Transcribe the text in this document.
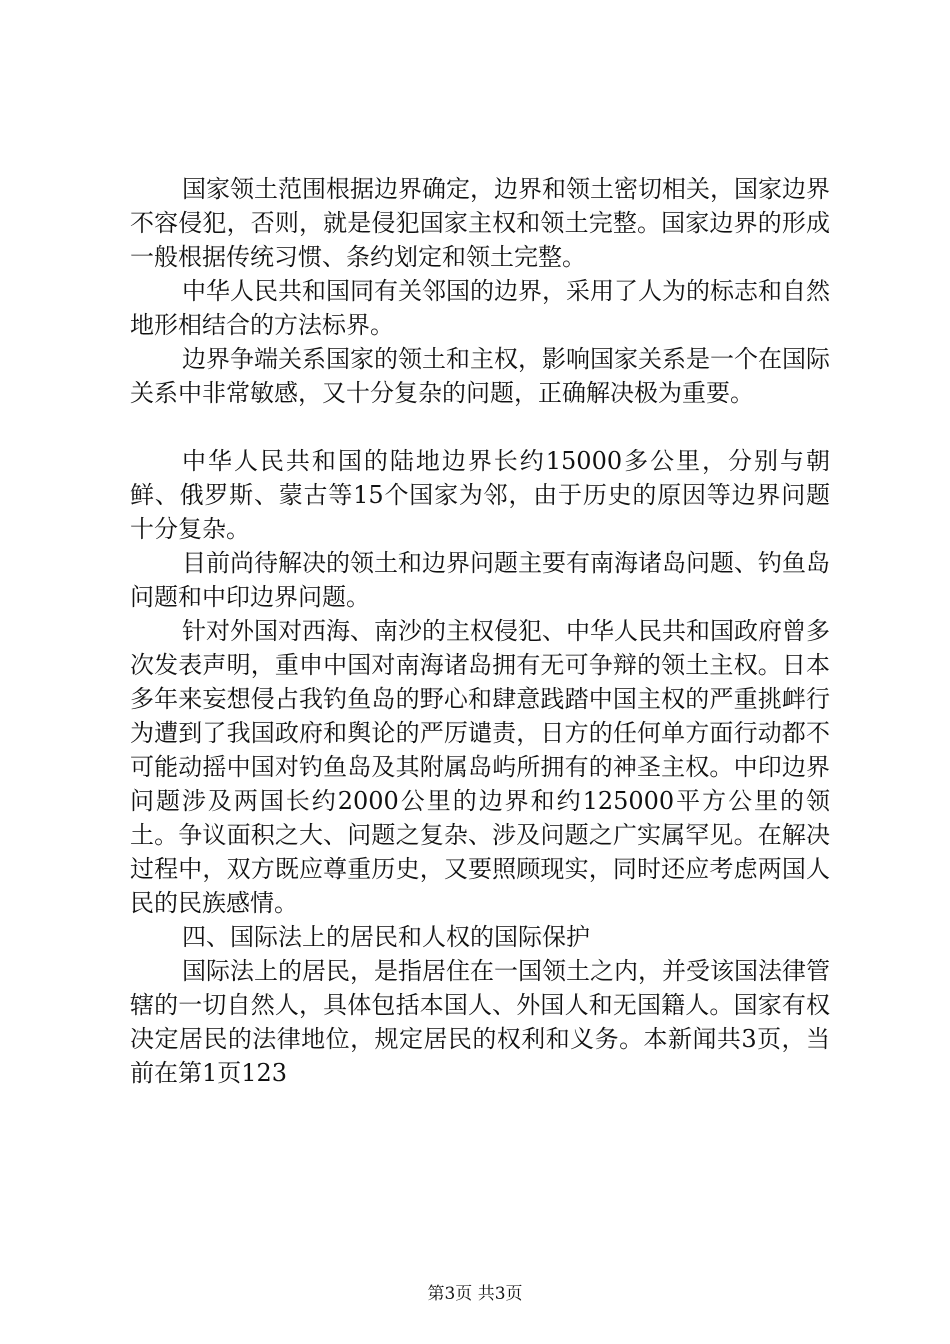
国家领土范围根据边界确定，边界和领土密切相关，国家边界不容侵犯，否则，就是侵犯国家主权和领土完整。国家边界的形成一般根据传统习惯、条约划定和领土完整。

中华人民共和国同有关邻国的边界，采用了人为的标志和自然地形相结合的方法标界。

边界争端关系国家的领土和主权，影响国家关系是一个在国际关系中非常敏感，又十分复杂的问题，正确解决极为重要。

中华人民共和国的陆地边界长约15000多公里，分别与朝鲜、俄罗斯、蒙古等15个国家为邻，由于历史的原因等边界问题十分复杂。

目前尚待解决的领土和边界问题主要有南海诸岛问题、钓鱼岛问题和中印边界问题。

针对外国对西海、南沙的主权侵犯、中华人民共和国政府曾多次发表声明，重申中国对南海诸岛拥有无可争辩的领土主权。日本多年来妄想侵占我钓鱼岛的野心和肆意践踏中国主权的严重挑衅行为遭到了我国政府和舆论的严厉谴责，日方的任何单方面行动都不可能动摇中国对钓鱼岛及其附属岛屿所拥有的神圣主权。中印边界问题涉及两国长约2000公里的边界和约125000平方公里的领土。争议面积之大、问题之复杂、涉及问题之广实属罕见。在解决过程中，双方既应尊重历史，又要照顾现实，同时还应考虑两国人民的民族感情。

四、国际法上的居民和人权的国际保护

国际法上的居民，是指居住在一国领土之内，并受该国法律管辖的一切自然人，具体包括本国人、外国人和无国籍人。国家有权决定居民的法律地位，规定居民的权利和义务。本新闻共3页，当前在第1页123

第3页 共3页
